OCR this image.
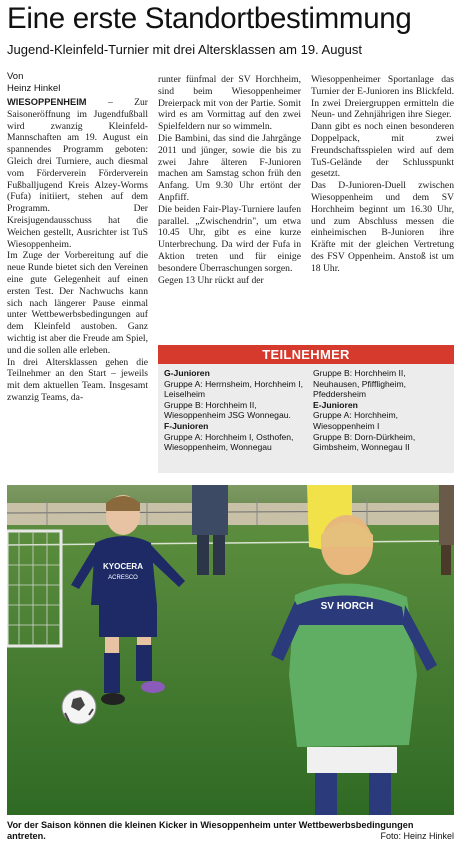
Eine erste Standortbestimmung
Jugend-Kleinfeld-Turnier mit drei Altersklassen am 19. August
Von
Heinz Hinkel

WIESOPPENHEIM – Zur Saisoneröffnung im Jugendfußball wird zwanzig Kleinfeld-Mannschaften am 19. August ein spannendes Programm geboten: Gleich drei Turniere, auch diesmal vom Förderverein Förderverein Fußballjugend Kreis Alzey-Worms (Fufa) initiiert, stehen auf dem Programm. Der Kreisjugendausschuss hat die Weichen gestellt, Ausrichter ist TuS Wiesoppenheim.

Im Zuge der Vorbereitung auf die neue Runde bietet sich den Vereinen eine gute Gelegenheit auf einen ersten Test. Der Nachwuchs kann sich nach längerer Pause einmal unter Wettbewerbsbedingungen auf dem Kleinfeld austoben. Ganz wichtig ist aber die Freude am Spiel, und die sollen alle erleben.

In drei Altersklassen gehen die Teilnehmer an den Start – jeweils mit dem aktuellen Team. Insgesamt zwanzig Teams, da-

runter fünfmal der SV Horchheim, sind beim Wiesoppenheimer Dreierpack mit von der Partie. Somit wird es am Vormittag auf den zwei Spielfeldern nur so wimmeln.

Die Bambini, das sind die Jahrgänge 2011 und jünger, sowie die bis zu zwei Jahre älteren F-Junioren machen am Samstag schon früh den Anfang. Um 9.30 Uhr ertönt der Anpfiff.

Die beiden Fair-Play-Turniere laufen parallel. „Zwischendrin", um etwa 10.45 Uhr, gibt es eine kurze Unterbrechung. Da wird der Fufa in Aktion treten und für einige besondere Überraschungen sorgen.

Gegen 13 Uhr rückt auf der

Wiesoppenheimer Sportanlage das Turnier der E-Junioren ins Blickfeld. In zwei Dreiergruppen ermitteln die Neun- und Zehnjährigen ihre Sieger.

Dann gibt es noch einen besonderen Doppelpack, mit zwei Freundschaftsspielen wird auf dem TuS-Gelände der Schlusspunkt gesetzt.

Das D-Junioren-Duell zwischen Wiesoppenheim und dem SV Horchheim beginnt um 16.30 Uhr, und zum Abschluss messen die einheimischen B-Junioren ihre Kräfte mit der gleichen Vertretung des FSV Oppenheim. Anstoß ist um 18 Uhr.

TEILNEHMER
G-Junioren
Gruppe A: Herrnsheim, Horchheim I, Leiselheim
Gruppe B: Horchheim II, Wiesoppenheim JSG Wonnegau.
F-Junioren
Gruppe A: Horchheim I, Osthofen, Wiesoppenheim, Wonnegau
Gruppe B: Horchheim II, Neuhausen, Pfiffligheim, Pfeddersheim
E-Junioren
Gruppe A: Horchheim, Wiesoppenheim I
Gruppe B: Dorn-Dürkheim, Gimbsheim, Wonnegau II
KYOCERA
ACRESCO
SV HORCH
Vor der Saison können die kleinen Kicker in Wiesoppenheim unter Wettbewerbsbedingungen antreten.	Foto: Heinz Hinkel
